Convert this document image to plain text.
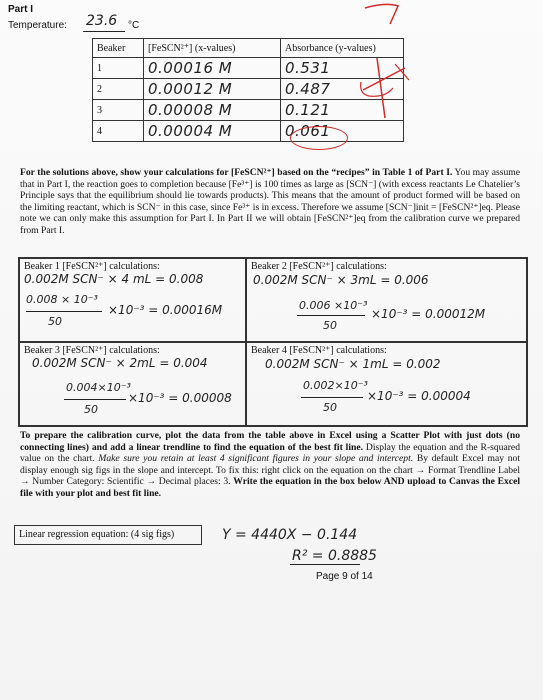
Part I
Temperature: 23.6 °C
Beaker	[FeSCN²⁺] (x-values)	Absorbance (y-values)
1	0.00016 M	0.531
2	0.00012 M	0.487
3	0.00008 M	0.121
4	0.00004 M	0.061
For the solutions above, show your calculations for [FeSCN²⁺] based on the “recipes” in Table 1 of Part I. You may assume that in Part I, the reaction goes to completion because [Fe³⁺] is 100 times as large as [SCN⁻] (with excess reactants Le Chatelier’s Principle says that the equilibrium should lie towards products). This means that the amount of product formed will be based on the limiting reactant, which is SCN⁻ in this case, since Fe³⁺ is in excess. Therefore we assume [SCN⁻]init = [FeSCN²⁺]eq. Please note we can only make this assumption for Part I. In Part II we will obtain [FeSCN²⁺]eq from the calibration curve we prepared from Part I.
Beaker 1 [FeSCN²⁺] calculations:
0.002M SCN⁻ × 4 mL = 0.008
0.008 × 10⁻³
50
×10⁻³ = 0.00016M
Beaker 2 [FeSCN²⁺] calculations:
0.002M SCN⁻ × 3mL = 0.006
0.006 ×10⁻³
50
×10⁻³ = 0.00012M
Beaker 3 [FeSCN²⁺] calculations:
0.002M SCN⁻ × 2mL = 0.004
0.004×10⁻³
50
×10⁻³ = 0.00008
Beaker 4 [FeSCN²⁺] calculations:
0.002M SCN⁻ × 1mL = 0.002
0.002×10⁻³
50
×10⁻³ = 0.00004
To prepare the calibration curve, plot the data from the table above in Excel using a Scatter Plot with just dots (no connecting lines) and add a linear trendline to find the equation of the best fit line. Display the equation and the R-squared value on the chart. Make sure you retain at least 4 significant figures in your slope and intercept. By default Excel may not display enough sig figs in the slope and intercept. To fix this: right click on the equation on the chart → Format Trendline Label → Number Category: Scientific → Decimal places: 3. Write the equation in the box below AND upload to Canvas the Excel file with your plot and best fit line.
Linear regression equation: (4 sig figs)	Y = 4440X − 0.144
R² = 0.8885
Page 9 of 14
